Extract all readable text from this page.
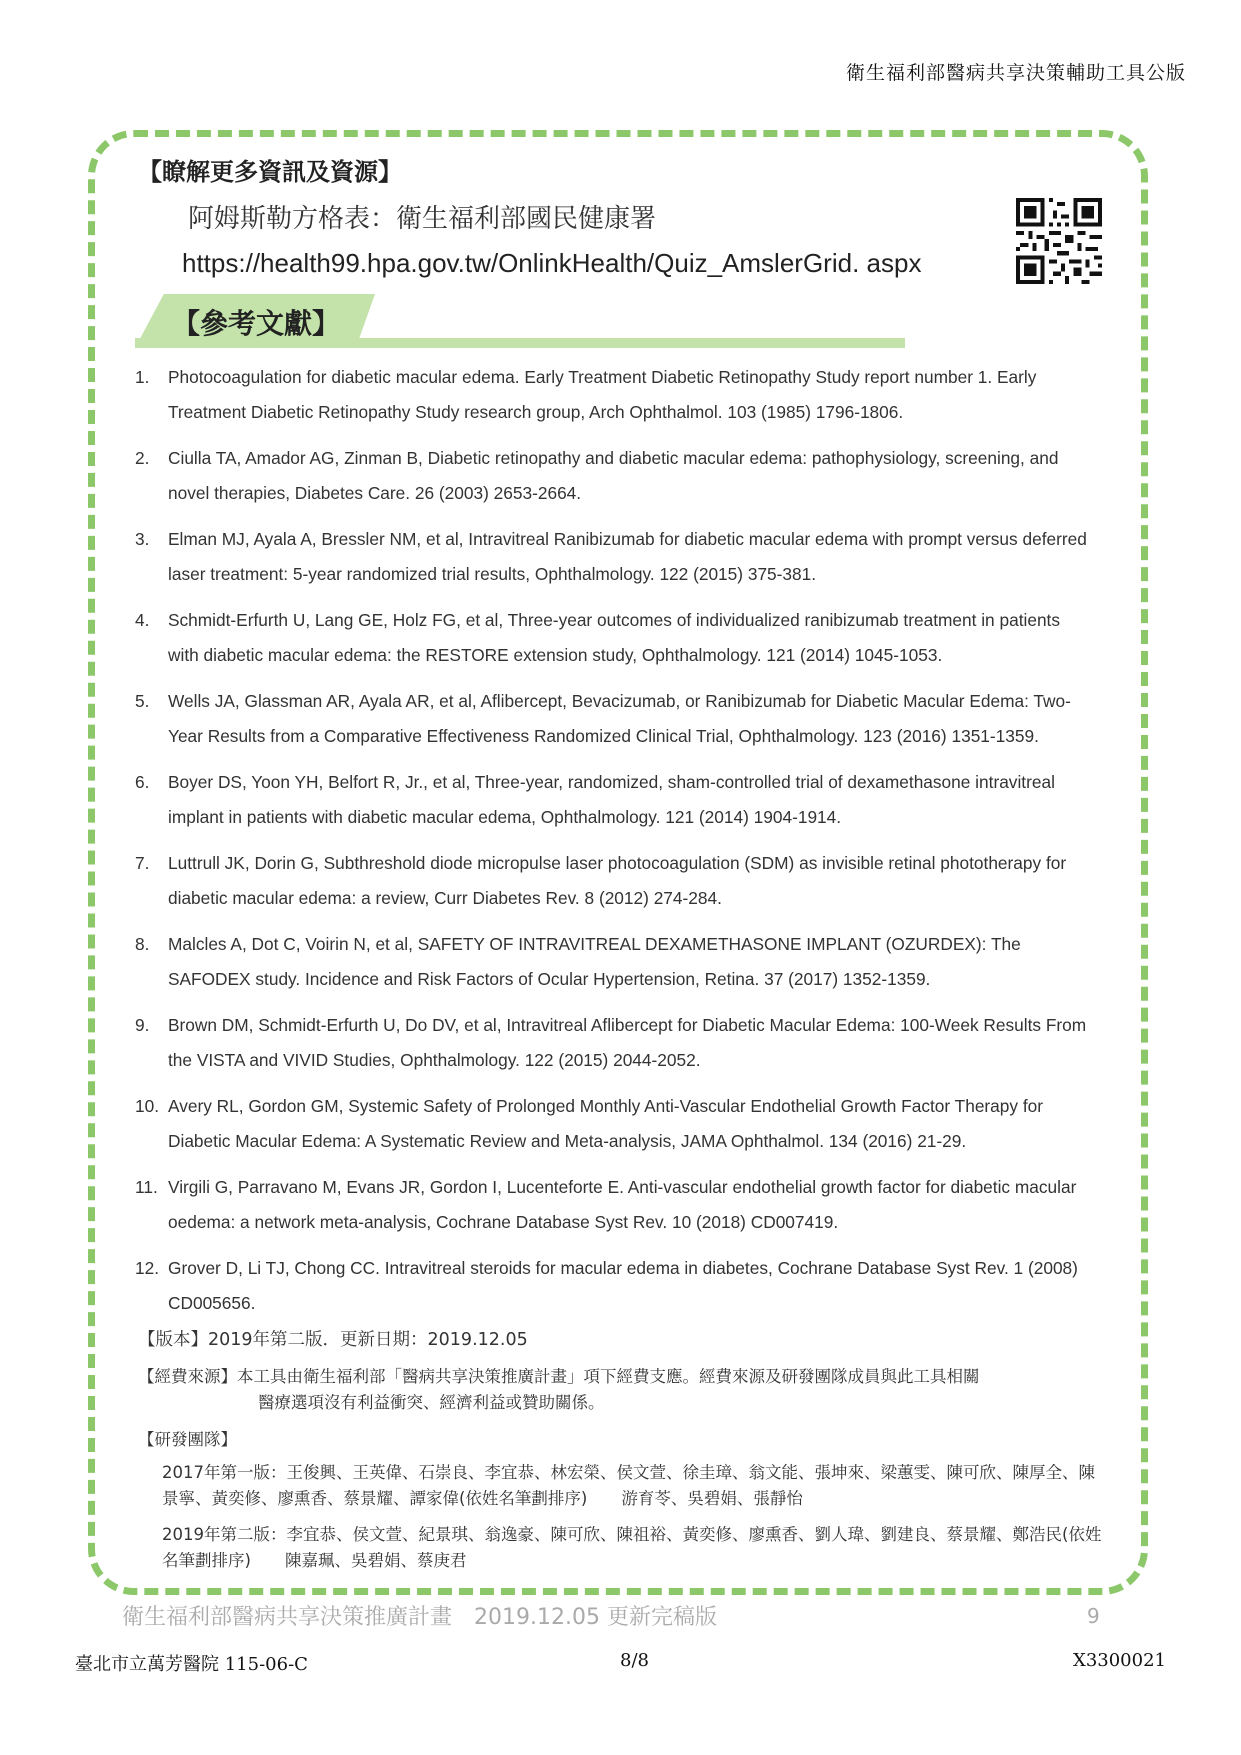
衛生福利部醫病共享決策輔助工具公版
【瞭解更多資訊及資源】
阿姆斯勒方格表：衛生福利部國民健康署
https://health99.hpa.gov.tw/OnlinkHealth/Quiz_AmslerGrid. aspx
【參考文獻】
1. Photocoagulation for diabetic macular edema. Early Treatment Diabetic Retinopathy Study report number 1. Early Treatment Diabetic Retinopathy Study research group, Arch Ophthalmol. 103 (1985) 1796-1806.
2. Ciulla TA, Amador AG, Zinman B, Diabetic retinopathy and diabetic macular edema: pathophysiology, screening, and novel therapies, Diabetes Care. 26 (2003) 2653-2664.
3. Elman MJ, Ayala A, Bressler NM, et al, Intravitreal Ranibizumab for diabetic macular edema with prompt versus deferred laser treatment: 5-year randomized trial results, Ophthalmology. 122 (2015) 375-381.
4. Schmidt-Erfurth U, Lang GE, Holz FG, et al, Three-year outcomes of individualized ranibizumab treatment in patients with diabetic macular edema: the RESTORE extension study, Ophthalmology. 121 (2014) 1045-1053.
5. Wells JA, Glassman AR, Ayala AR, et al, Aflibercept, Bevacizumab, or Ranibizumab for Diabetic Macular Edema: Two-Year Results from a Comparative Effectiveness Randomized Clinical Trial, Ophthalmology. 123 (2016) 1351-1359.
6. Boyer DS, Yoon YH, Belfort R, Jr., et al, Three-year, randomized, sham-controlled trial of dexamethasone intravitreal implant in patients with diabetic macular edema, Ophthalmology. 121 (2014) 1904-1914.
7. Luttrull JK, Dorin G, Subthreshold diode micropulse laser photocoagulation (SDM) as invisible retinal phototherapy for diabetic macular edema: a review, Curr Diabetes Rev. 8 (2012) 274-284.
8. Malcles A, Dot C, Voirin N, et al, SAFETY OF INTRAVITREAL DEXAMETHASONE IMPLANT (OZURDEX): The SAFODEX study. Incidence and Risk Factors of Ocular Hypertension, Retina. 37 (2017) 1352-1359.
9. Brown DM, Schmidt-Erfurth U, Do DV, et al, Intravitreal Aflibercept for Diabetic Macular Edema: 100-Week Results From the VISTA and VIVID Studies, Ophthalmology. 122 (2015) 2044-2052.
10. Avery RL, Gordon GM, Systemic Safety of Prolonged Monthly Anti-Vascular Endothelial Growth Factor Therapy for Diabetic Macular Edema: A Systematic Review and Meta-analysis, JAMA Ophthalmol. 134 (2016) 21-29.
11. Virgili G, Parravano M, Evans JR, Gordon I, Lucenteforte E. Anti-vascular endothelial growth factor for diabetic macular oedema: a network meta-analysis, Cochrane Database Syst Rev. 10 (2018) CD007419.
12. Grover D, Li TJ, Chong CC. Intravitreal steroids for macular edema in diabetes, Cochrane Database Syst Rev. 1 (2008) CD005656.
【版本】2019年第二版．更新日期：2019.12.05
【經費來源】本工具由衛生福利部「醫病共享決策推廣計畫」項下經費支應。經費來源及研發團隊成員與此工具相關
醫療選項沒有利益衝突、經濟利益或贊助關係。
【研發團隊】
2017年第一版：王俊興、王英偉、石崇良、李宜恭、林宏榮、侯文萱、徐圭璋、翁文能、張坤來、梁蕙雯、陳可欣、陳厚全、陳景寧、黃奕修、廖熏香、蔡景耀、譚家偉(依姓名筆劃排序) 游育苓、吳碧娟、張靜怡
2019年第二版：李宜恭、侯文萱、紀景琪、翁逸豪、陳可欣、陳祖裕、黃奕修、廖熏香、劉人瑋、劉建良、蔡景耀、鄭浩民(依姓名筆劃排序) 陳嘉珮、吳碧娟、蔡庚君
衛生福利部醫病共享決策推廣計畫　2019.12.05 更新完稿版	9
臺北市立萬芳醫院 115-06-C	8/8	X3300021
